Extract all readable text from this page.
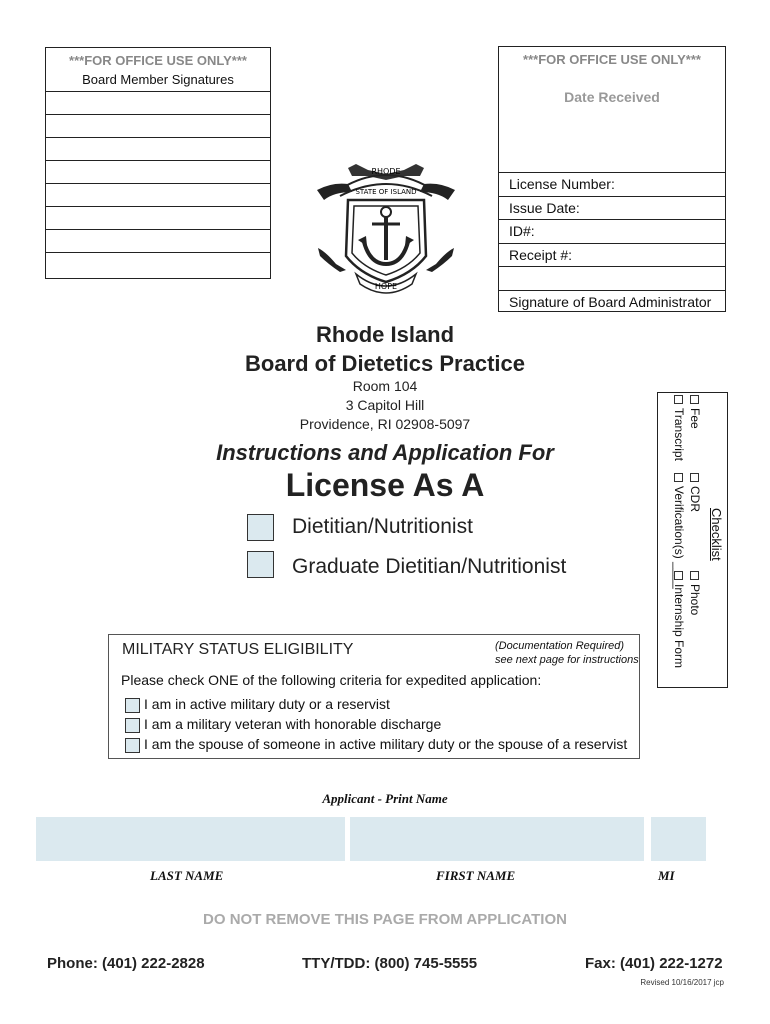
***FOR OFFICE USE ONLY***
Board Member Signatures
***FOR OFFICE USE ONLY***
Date Received
License Number:
Issue Date:
ID#:
Receipt #:
Signature of Board Administrator
RHODE
STATE OF ISLAND
HOPE
Rhode Island
Board of Dietetics Practice
Room 104
3 Capitol Hill
Providence, RI 02908-5097
Instructions and Application For
License As A
Dietitian/Nutritionist
Graduate Dietitian/Nutritionist
Checklist
Fee
Transcript
CDR
Verification(s) ____
Photo
Internship Form
MILITARY STATUS ELIGIBILITY	(Documentation Required)
see next page for instructions
Please check ONE of the following criteria for expedited application:
I am in active military duty or a reservist
I am a military veteran with honorable discharge
I am the spouse of someone in active military duty or the spouse of a reservist
Applicant - Print Name
LAST NAME	FIRST NAME	MI
DO NOT REMOVE THIS PAGE FROM APPLICATION
Phone: (401) 222-2828	TTY/TDD: (800) 745-5555	Fax: (401) 222-1272
Revised 10/16/2017 jcp
